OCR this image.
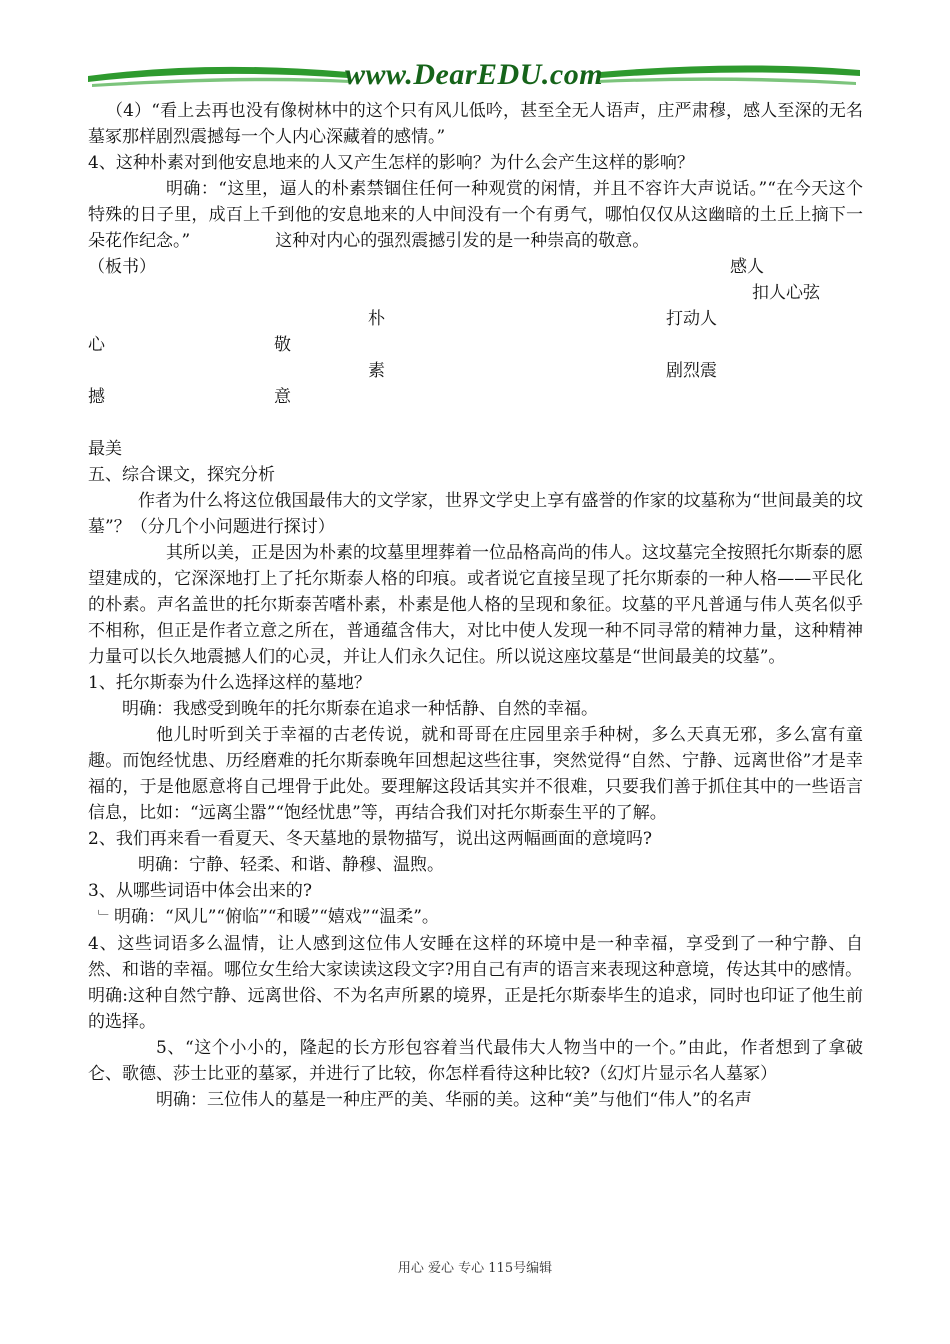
www.DearEDU.com

（4）“看上去再也没有像树林中的这个只有风儿低吟，甚至全无人语声，庄严肃穆，感人至深的无名墓冢那样剧烈震撼每一个人内心深藏着的感情。”

4、这种朴素对到他安息地来的人又产生怎样的影响？为什么会产生这样的影响？

明确：“这里，逼人的朴素禁锢住任何一种观赏的闲情，并且不容许大声说话。”“在今天这个特殊的日子里，成百上千到他的安息地来的人中间没有一个有勇气，哪怕仅仅从这幽暗的土丘上摘下一朵花作纪念。”　　　　　这种对内心的强烈震撼引发的是一种崇高的敬意。

（板书）	感人
扣人心弦
朴	打动人
心	敬
素	剧烈震
撼	意

最美

五、综合课文，探究分析

作者为什么将这位俄国最伟大的文学家，世界文学史上享有盛誉的作家的坟墓称为“世间最美的坟墓”？（分几个小问题进行探讨）

其所以美，正是因为朴素的坟墓里埋葬着一位品格高尚的伟人。这坟墓完全按照托尔斯泰的愿望建成的，它深深地打上了托尔斯泰人格的印痕。或者说它直接呈现了托尔斯泰的一种人格——平民化的朴素。声名盖世的托尔斯泰苦嗜朴素，朴素是他人格的呈现和象征。坟墓的平凡普通与伟人英名似乎不相称，但正是作者立意之所在，普通蕴含伟大，对比中使人发现一种不同寻常的精神力量，这种精神力量可以长久地震撼人们的心灵，并让人们永久记住。所以说这座坟墓是“世间最美的坟墓”。

1、托尔斯泰为什么选择这样的墓地？

明确：我感受到晚年的托尔斯泰在追求一种恬静、自然的幸福。

他儿时听到关于幸福的古老传说，就和哥哥在庄园里亲手种树，多么天真无邪，多么富有童趣。而饱经忧患、历经磨难的托尔斯泰晚年回想起这些往事，突然觉得“自然、宁静、远离世俗”才是幸福的，于是他愿意将自己埋骨于此处。要理解这段话其实并不很难，只要我们善于抓住其中的一些语言信息，比如：“远离尘嚣”“饱经忧患”等，再结合我们对托尔斯泰生平的了解。

2、我们再来看一看夏天、冬天墓地的景物描写，说出这两幅画面的意境吗?

明确：宁静、轻柔、和谐、静穆、温煦。

3、从哪些词语中体会出来的?

﹂ 明确：“风儿”“俯临”“和暖”“嬉戏”“温柔”。

4、这些词语多么温情，让人感到这位伟人安睡在这样的环境中是一种幸福，享受到了一种宁静、自然、和谐的幸福。哪位女生给大家读读这段文字?用自己有声的语言来表现这种意境，传达其中的感情。

明确:这种自然宁静、远离世俗、不为名声所累的境界，正是托尔斯泰毕生的追求，同时也印证了他生前的选择。

5、“这个小小的，隆起的长方形包容着当代最伟大人物当中的一个。”由此，作者想到了拿破仑、歌德、莎士比亚的墓冢，并进行了比较，你怎样看待这种比较?（幻灯片显示名人墓冢）

明确：三位伟人的墓是一种庄严的美、华丽的美。这种“美”与他们“伟人”的名声

用心 爱心 专心 115号编辑
